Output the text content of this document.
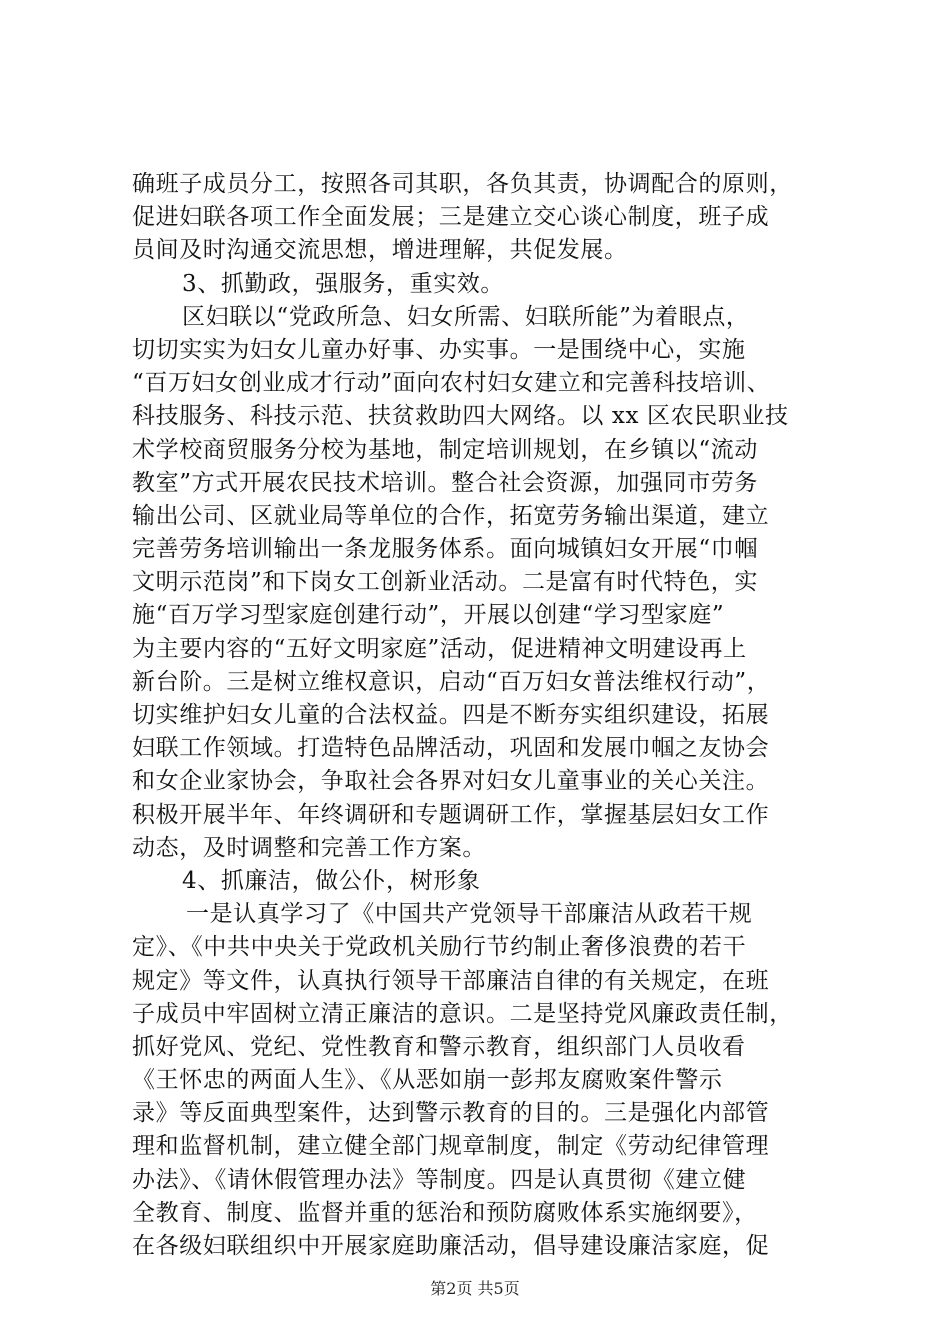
确班子成员分工，按照各司其职，各负其责，协调配合的原则，
促进妇联各项工作全面发展；三是建立交心谈心制度，班子成
员间及时沟通交流思想，增进理解，共促发展。
3、抓勤政，强服务，重实效。
区妇联以“党政所急、妇女所需、妇联所能”为着眼点，
切切实实为妇女儿童办好事、办实事。一是围绕中心，实施
“百万妇女创业成才行动”面向农村妇女建立和完善科技培训、
科技服务、科技示范、扶贫救助四大网络。以 xx 区农民职业技
术学校商贸服务分校为基地，制定培训规划，在乡镇以“流动
教室”方式开展农民技术培训。整合社会资源，加强同市劳务
输出公司、区就业局等单位的合作，拓宽劳务输出渠道，建立
完善劳务培训输出一条龙服务体系。面向城镇妇女开展“巾帼
文明示范岗”和下岗女工创新业活动。二是富有时代特色，实
施“百万学习型家庭创建行动”，开展以创建“学习型家庭”
为主要内容的“五好文明家庭”活动，促进精神文明建设再上
新台阶。三是树立维权意识，启动“百万妇女普法维权行动”，
切实维护妇女儿童的合法权益。四是不断夯实组织建设，拓展
妇联工作领域。打造特色品牌活动，巩固和发展巾帼之友协会
和女企业家协会，争取社会各界对妇女儿童事业的关心关注。
积极开展半年、年终调研和专题调研工作，掌握基层妇女工作
动态，及时调整和完善工作方案。
4、抓廉洁，做公仆，树形象
一是认真学习了《中国共产党领导干部廉洁从政若干规
定》、《中共中央关于党政机关励行节约制止奢侈浪费的若干
规定》等文件，认真执行领导干部廉洁自律的有关规定，在班
子成员中牢固树立清正廉洁的意识。二是坚持党风廉政责任制，
抓好党风、党纪、党性教育和警示教育，组织部门人员收看
《王怀忠的两面人生》、《从恶如崩一彭邦友腐败案件警示
录》等反面典型案件，达到警示教育的目的。三是强化内部管
理和监督机制，建立健全部门规章制度，制定《劳动纪律管理
办法》、《请休假管理办法》等制度。四是认真贯彻《建立健
全教育、制度、监督并重的惩治和预防腐败体系实施纲要》，
在各级妇联组织中开展家庭助廉活动，倡导建设廉洁家庭，促
第2页 共5页
